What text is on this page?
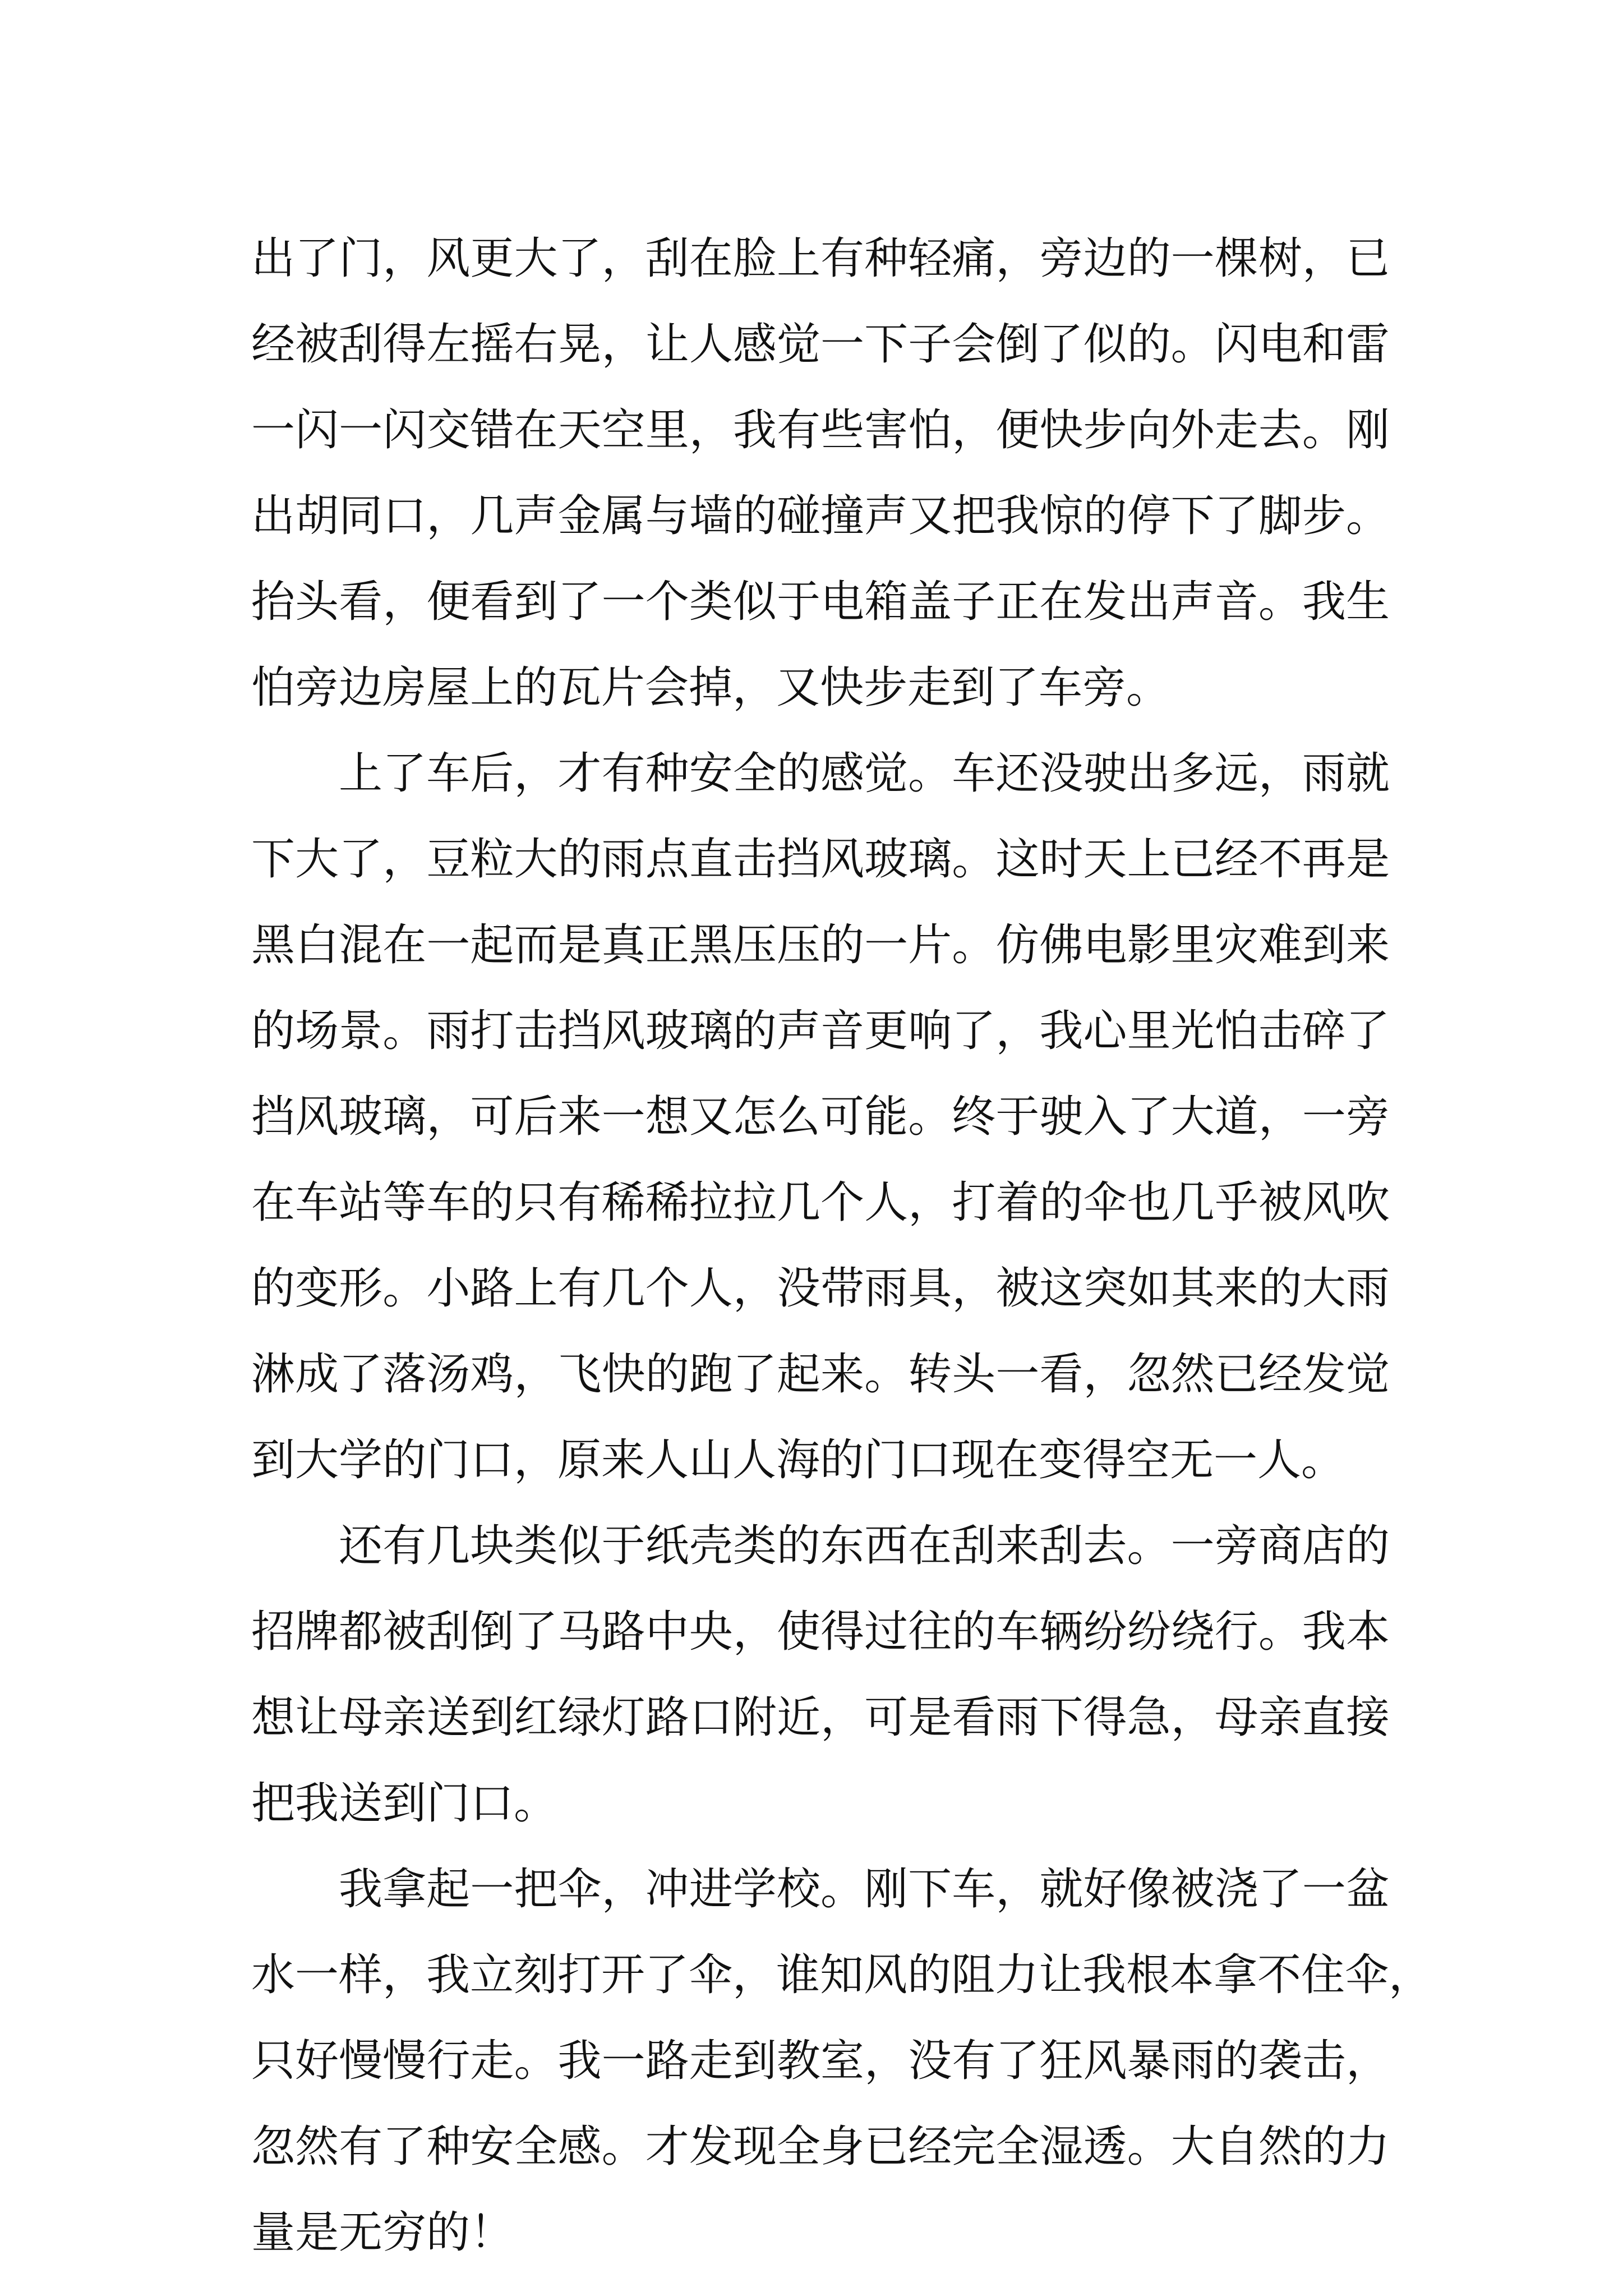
出了门，风更大了，刮在脸上有种轻痛，旁边的一棵树，已
经被刮得左摇右晃，让人感觉一下子会倒了似的。闪电和雷
一闪一闪交错在天空里，我有些害怕，便快步向外走去。刚
出胡同口，几声金属与墙的碰撞声又把我惊的停下了脚步。
抬头看，便看到了一个类似于电箱盖子正在发出声音。我生
怕旁边房屋上的瓦片会掉，又快步走到了车旁。
上了车后，才有种安全的感觉。车还没驶出多远，雨就
下大了，豆粒大的雨点直击挡风玻璃。这时天上已经不再是
黑白混在一起而是真正黑压压的一片。仿佛电影里灾难到来
的场景。雨打击挡风玻璃的声音更响了，我心里光怕击碎了
挡风玻璃，可后来一想又怎么可能。终于驶入了大道，一旁
在车站等车的只有稀稀拉拉几个人，打着的伞也几乎被风吹
的变形。小路上有几个人，没带雨具，被这突如其来的大雨
淋成了落汤鸡，飞快的跑了起来。转头一看，忽然已经发觉
到大学的门口，原来人山人海的门口现在变得空无一人。
还有几块类似于纸壳类的东西在刮来刮去。一旁商店的
招牌都被刮倒了马路中央，使得过往的车辆纷纷绕行。我本
想让母亲送到红绿灯路口附近，可是看雨下得急，母亲直接
把我送到门口。
我拿起一把伞，冲进学校。刚下车，就好像被浇了一盆
水一样，我立刻打开了伞，谁知风的阻力让我根本拿不住伞，
只好慢慢行走。我一路走到教室，没有了狂风暴雨的袭击，
忽然有了种安全感。才发现全身已经完全湿透。大自然的力
量是无穷的！
